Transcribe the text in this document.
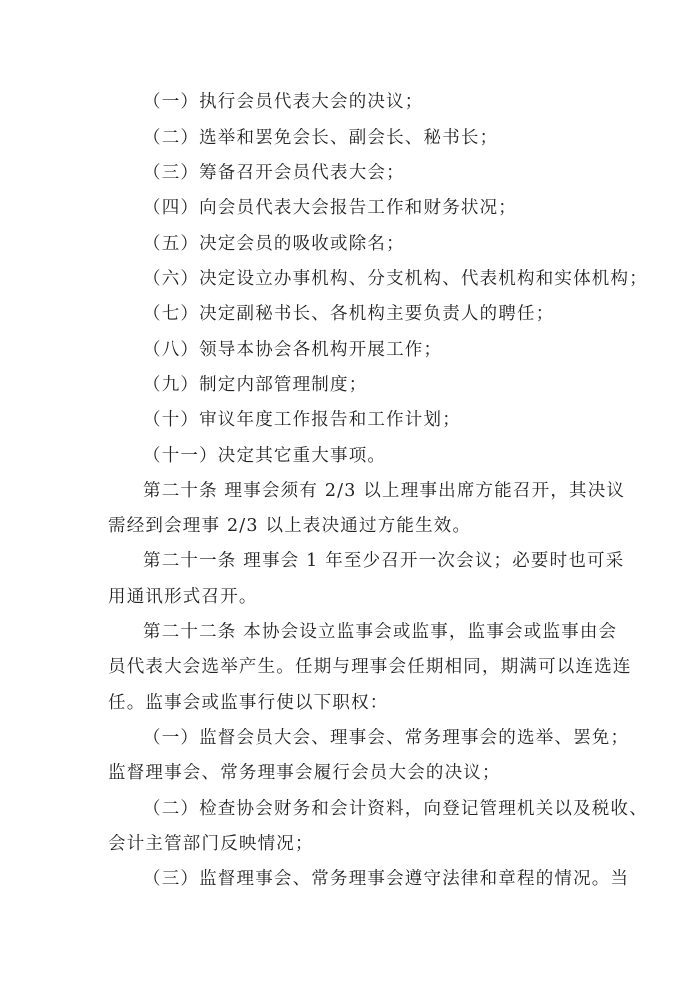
（一）执行会员代表大会的决议；
（二）选举和罢免会长、副会长、秘书长；
（三）筹备召开会员代表大会；
（四）向会员代表大会报告工作和财务状况；
（五）决定会员的吸收或除名；
（六）决定设立办事机构、分支机构、代表机构和实体机构；
（七）决定副秘书长、各机构主要负责人的聘任；
（八）领导本协会各机构开展工作；
（九）制定内部管理制度；
（十）审议年度工作报告和工作计划；
（十一）决定其它重大事项。
第二十条 理事会须有 2/3 以上理事出席方能召开，其决议
需经到会理事 2/3 以上表决通过方能生效。
第二十一条 理事会 1 年至少召开一次会议；必要时也可采
用通讯形式召开。
第二十二条 本协会设立监事会或监事，监事会或监事由会
员代表大会选举产生。任期与理事会任期相同，期满可以连选连
任。监事会或监事行使以下职权：
（一）监督会员大会、理事会、常务理事会的选举、罢免；
监督理事会、常务理事会履行会员大会的决议；
（二）检查协会财务和会计资料，向登记管理机关以及税收、
会计主管部门反映情况；
（三）监督理事会、常务理事会遵守法律和章程的情况。当
